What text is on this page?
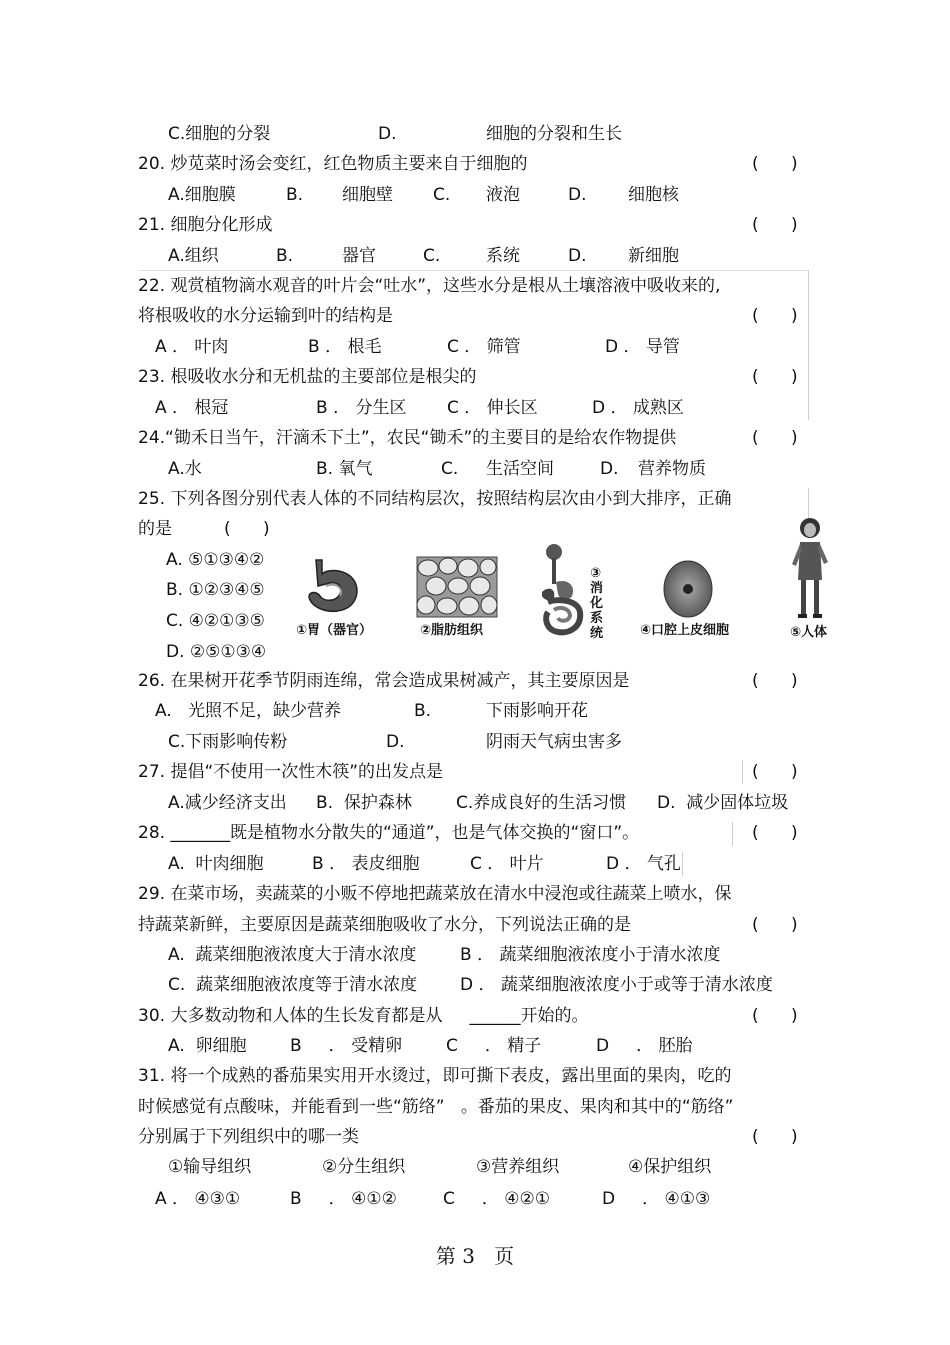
C.细胞的分裂	D.	细胞的分裂和生长
20. 炒苋菜时汤会变红，红色物质主要来自于细胞的	(      )
A.细胞膜	B. 细胞壁 C. 液泡	D. 细胞核
21. 细胞分化形成	(      )
A.组织	B.	器官	C.	系统	D. 新细胞
22. 观赏植物滴水观音的叶片会“吐水”，这些水分是根从土壤溶液中吸收来的,
将根吸收的水分运输到叶的结构是	(      )
A ． 叶肉	B ． 根毛	C ． 筛管	D ． 导管
23. 根吸收水分和无机盐的主要部位是根尖的	(      )
A ． 根冠	B ． 分生区 C ． 伸长区	D ． 成熟区
24.“锄禾日当午，汗滴禾下土”，农民“锄禾”的主要目的是给农作物提供	(      )
A.水	B. 氧气	C. 生活空间	D. 营养物质
25. 下列各图分别代表人体的不同结构层次，按照结构层次由小到大排序，正确
的是	(      )
A. ⑤①③④②
B. ①②③④⑤
C. ④②①③⑤
D. ②⑤①③④
①胃（器官）	②脂肪组织
③消化系统	④口腔上皮细胞	⑤人体
26. 在果树开花季节阴雨连绵，常会造成果树减产，其主要原因是	(      )
A.   光照不足，缺少营养	B.	下雨影响开花
C.下雨影响传粉	D.	阴雨天气病虫害多
27. 提倡“不使用一次性木筷”的出发点是	(      )
A.减少经济支出 B.  保护森林	C.养成良好的生活习惯 D.  减少固体垃圾
28. _______既是植物水分散失的“通道”，也是气体交换的“窗口”。	(      )
A.  叶肉细胞	B ． 表皮细胞	C ． 叶片	D ． 气孔
29. 在菜市场，卖蔬菜的小贩不停地把蔬菜放在清水中浸泡或往蔬菜上喷水，保
持蔬菜新鲜，主要原因是蔬菜细胞吸收了水分，下列说法正确的是	(      )
A.  蔬菜细胞液浓度大于清水浓度	B ． 蔬菜细胞液浓度小于清水浓度
C.  蔬菜细胞液浓度等于清水浓度	D ． 蔬菜细胞液浓度小于或等于清水浓度
30. 大多数动物和人体的生长发育都是从     ______开始的。	(      )
A.  卵细胞	B     ． 受精卵	C     ． 精子	D     ． 胚胎
31. 将一个成熟的番茄果实用开水烫过，即可撕下表皮，露出里面的果肉，吃的
时候感觉有点酸味，并能看到一些“筋络”   。番茄的果皮、果肉和其中的“筋络”
分别属于下列组织中的哪一类	(      )
①输导组织	②分生组织	③营养组织	④保护组织
A ． ④③①	B     ． ④①②	C     ． ④②①	D     ． ④①③
第 3   页
